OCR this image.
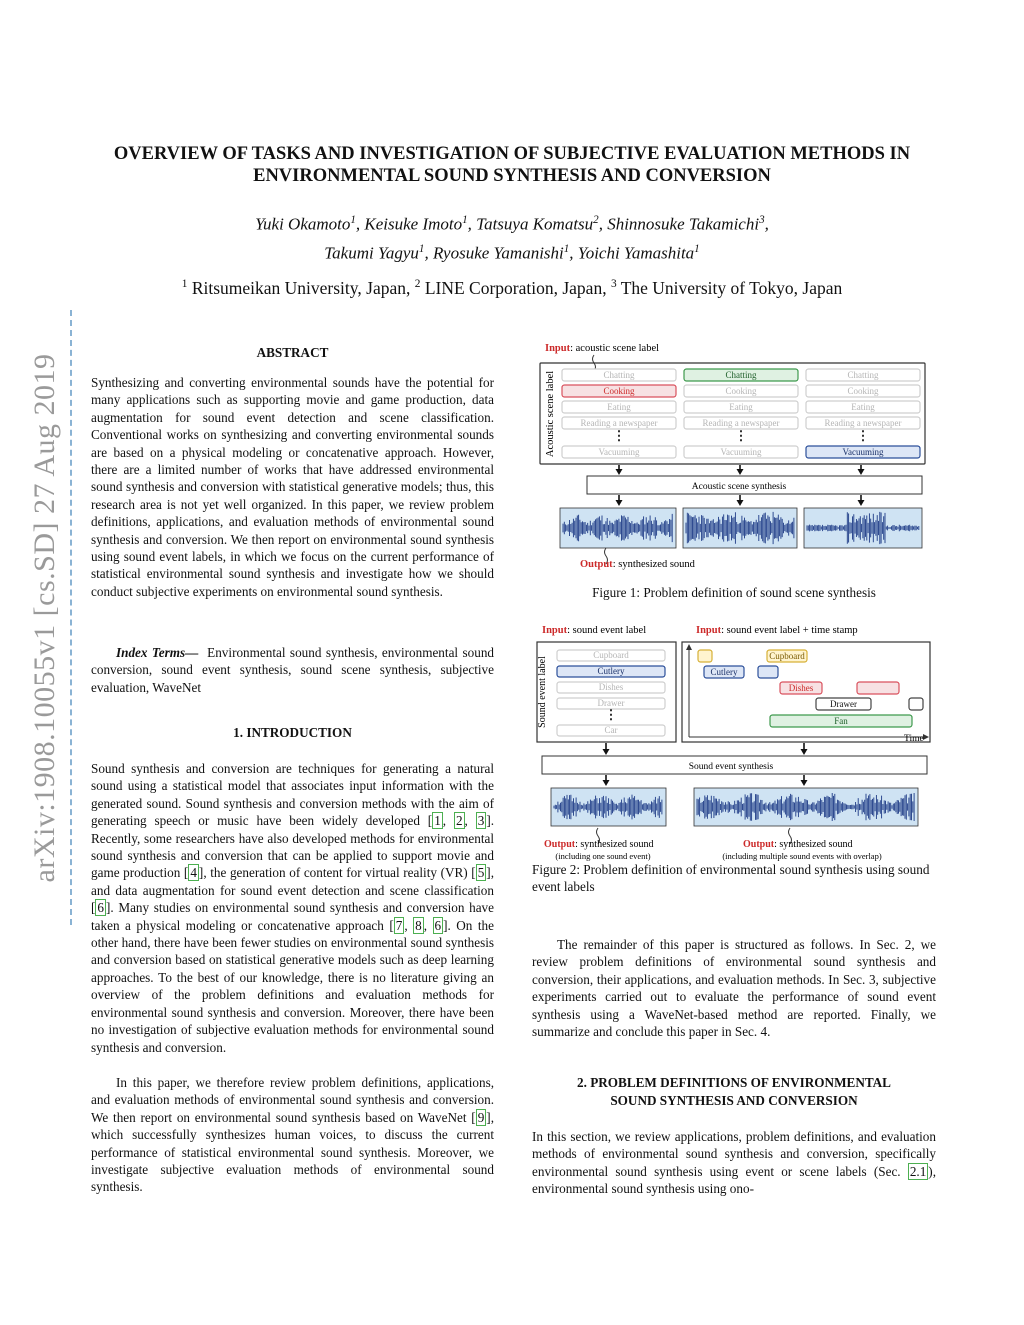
OVERVIEW OF TASKS AND INVESTIGATION OF SUBJECTIVE EVALUATION METHODS IN ENVIRONMENTAL SOUND SYNTHESIS AND CONVERSION
Yuki Okamoto$^1$, Keisuke Imoto$^1$, Tatsuya Komatsu$^2$, Shinnosuke Takamichi$^3$,
Takumi Yagyu$^1$, Ryosuke Yamanishi$^1$, Yoichi Yamashita$^1$
$^1$ Ritsumeikan University, Japan, $^2$ LINE Corporation, Japan, $^3$ The University of Tokyo, Japan
arXiv:1908.10055v1 [cs.SD] 27 Aug 2019
ABSTRACT

Synthesizing and converting environmental sounds have the potential for many applications such as supporting movie and game production, data augmentation for sound event detection and scene classification. Conventional works on synthesizing and converting environmental sounds are based on a physical modeling or concatenative approach. However, there are a limited number of works that have addressed environmental sound synthesis and conversion with statistical generative models; thus, this research area is not yet well organized. In this paper, we review problem definitions, applications, and evaluation methods of environmental sound synthesis and conversion. We then report on environmental sound synthesis using sound event labels, in which we focus on the current performance of statistical environmental sound synthesis and investigate how we should conduct subjective experiments on environmental sound synthesis.

Index Terms— Environmental sound synthesis, environmental sound conversion, sound event synthesis, sound scene synthesis, subjective evaluation, WaveNet

1. INTRODUCTION

Sound synthesis and conversion are techniques for generating a natural sound using a statistical model that associates input information with the generated sound. Sound synthesis and conversion methods with the aim of generating speech or music have been widely developed [ 1 , 2 , 3 ]. Recently, some researchers have also developed methods for environmental sound synthesis and conversion that can be applied to support movie and game production [ 4 ], the generation of content for virtual reality (VR) [ 5 ], and data augmentation for sound event detection and scene classification [ 6 ]. Many studies on environmental sound synthesis and conversion have taken a physical modeling or concatenative approach [ 7 , 8 , 6 ]. On the other hand, there have been fewer studies on environmental sound synthesis and conversion based on statistical generative models such as deep learning approaches. To the best of our knowledge, there is no literature giving an overview of the problem definitions and evaluation methods for environmental sound synthesis and conversion. Moreover, there have been no investigation of subjective evaluation methods for environmental sound synthesis and conversion.

In this paper, we therefore review problem definitions, applications, and evaluation methods of environmental sound synthesis and conversion. We then report on environmental sound synthesis based on WaveNet [ 9 ], which successfully synthesizes human voices, to discuss the current performance of statistical environmental sound synthesis. Moreover, we investigate subjective evaluation methods of environmental sound synthesis.

Input: acoustic scene label
Acoustic scene label	Chatting
Cooking
Eating
Reading a newspaper
Vacuuming
⋮
Chatting
Cooking
Eating
Reading a newspaper
Vacuuming
⋮
Chatting
Cooking
Eating
Reading a newspaper
Vacuuming
⋮
Acoustic scene synthesis
Output: synthesized sound
Figure 1: Problem definition of sound scene synthesis
Input: sound event label	Input: sound event label + time stamp
Sound event label
Cupboard
Cutlery
Dishes
Drawer
Car
⋮
Time
Cupboard
Cutlery
Dishes
Drawer
Fan
Sound event synthesis
Output: synthesized sound
(including one sound event)
Output: synthesized sound
(including multiple sound events with overlap)
Figure 2: Problem definition of environmental sound synthesis using sound event labels

The remainder of this paper is structured as follows. In Sec. 2, we review problem definitions of environmental sound synthesis and conversion, their applications, and evaluation methods. In Sec. 3, subjective experiments carried out to evaluate the performance of sound event synthesis using a WaveNet-based method are reported. Finally, we summarize and conclude this paper in Sec. 4.

2. PROBLEM DEFINITIONS OF ENVIRONMENTAL
SOUND SYNTHESIS AND CONVERSION

In this section, we review applications, problem definitions, and evaluation methods of environmental sound synthesis and conversion, specifically environmental sound synthesis using event or scene labels (Sec. 2.1 ), environmental sound synthesis using ono-
